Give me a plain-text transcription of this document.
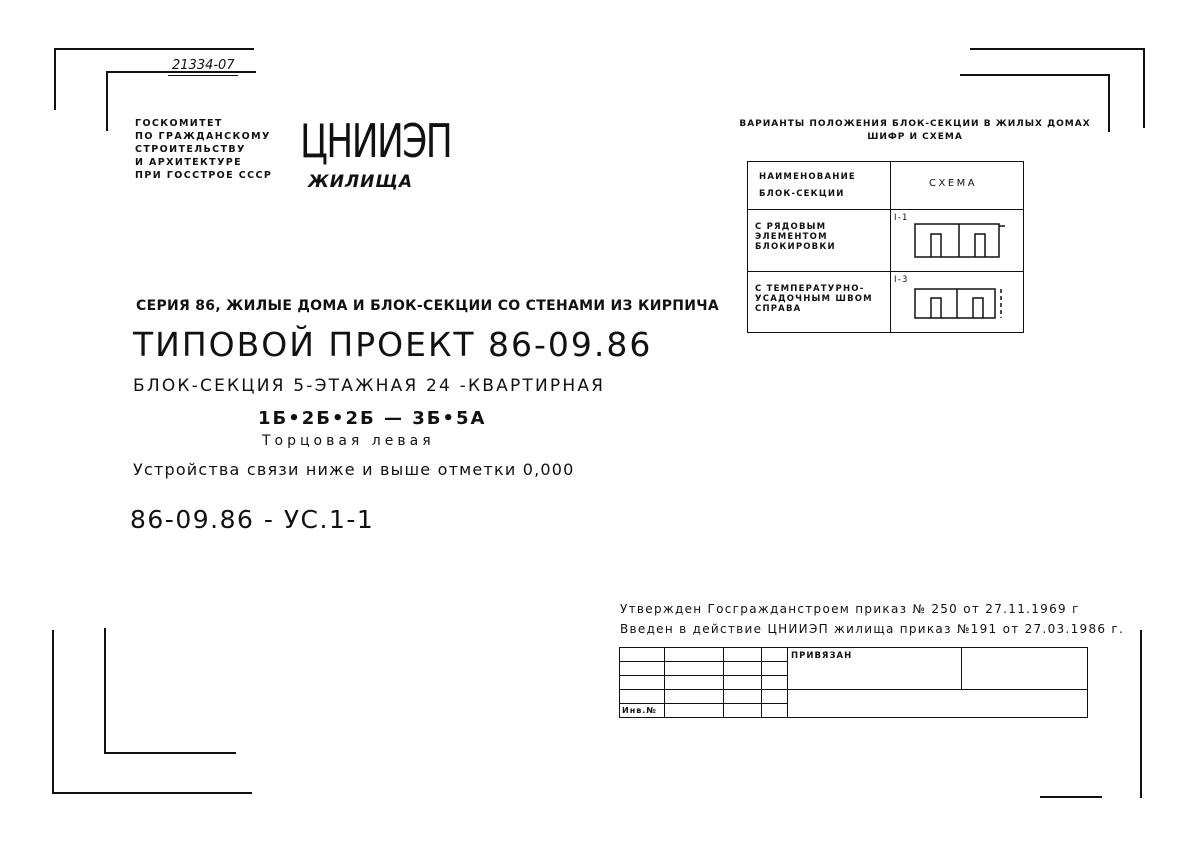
21334-07
ГОСКОМИТЕТ
ПО ГРАЖДАНСКОМУ
СТРОИТЕЛЬСТВУ
И АРХИТЕКТУРЕ
ПРИ ГОССТРОЕ СССР
ЦНИИЭП
ЖИЛИЩА
СЕРИЯ 86, ЖИЛЫЕ ДОМА И БЛОК-СЕКЦИИ СО СТЕНАМИ ИЗ КИРПИЧА
ТИПОВОЙ ПРОЕКТ 86-09.86
БЛОК-СЕКЦИЯ 5-ЭТАЖНАЯ 24 -КВАРТИРНАЯ
1Б•2Б•2Б — 3Б•5А
Торцовая левая
Устройства связи ниже и выше отметки 0,000
86-09.86 - УС.1-1
ВАРИАНТЫ ПОЛОЖЕНИЯ БЛОК-СЕКЦИИ В ЖИЛЫХ ДОМАХ
ШИФР И СХЕМА
НАИМЕНОВАНИЕ
БЛОК-СЕКЦИИ	СХЕМА

С РЯДОВЫМ
ЭЛЕМЕНТОМ
БЛОКИРОВКИ	I-1

С ТЕМПЕРАТУРНО-
УСАДОЧНЫМ ШВОМ
СПРАВА	I-3
Утвержден Госгражданстроем приказ № 250 от 27.11.1969 г
Введен в действие ЦНИИЭП жилища приказ №191 от 27.03.1986 г.

				ПРИВЯЗАН	

Инв.№					
